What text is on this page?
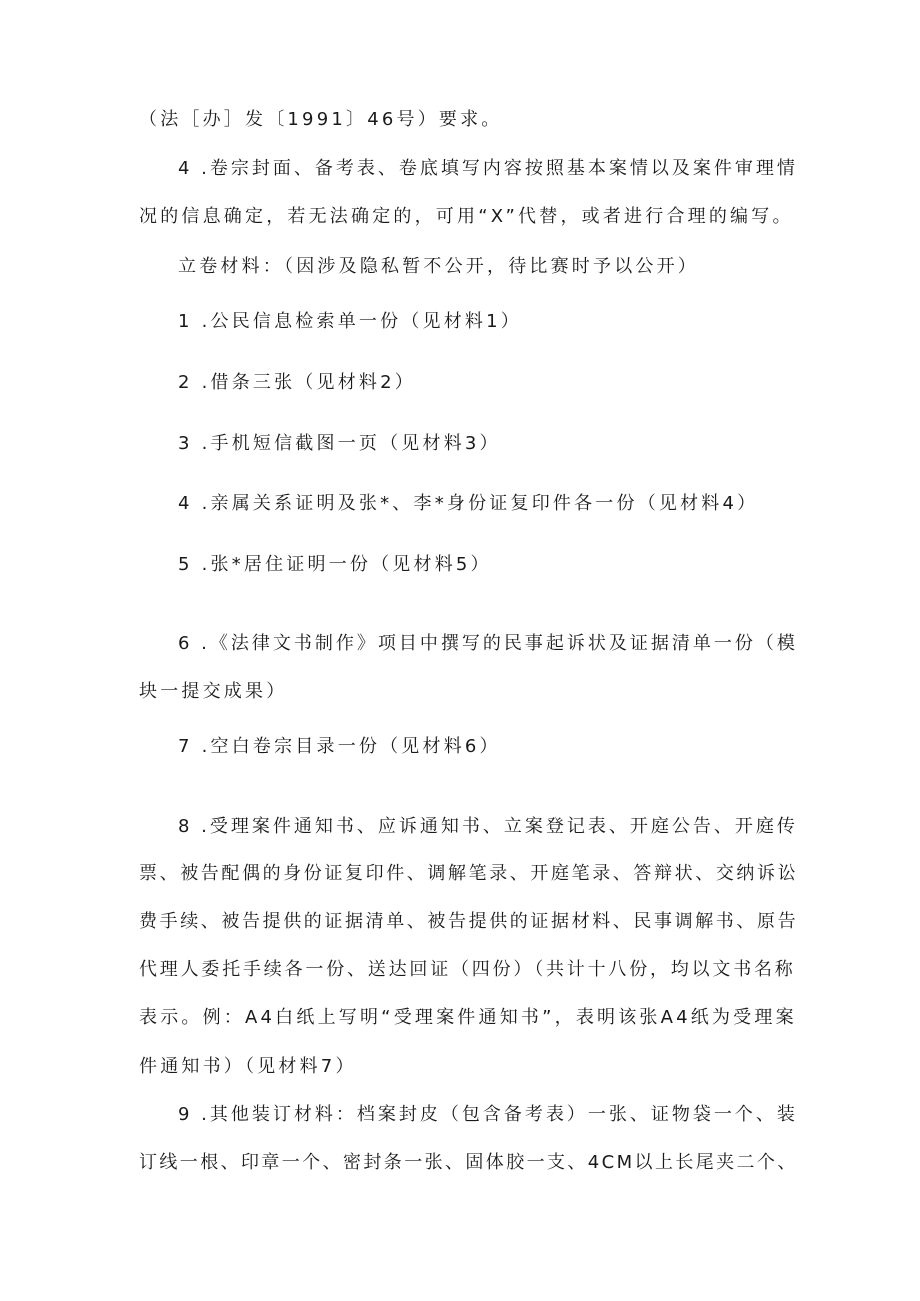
（法［办］发〔1991〕46号）要求。
4 .卷宗封面、备考表、卷底填写内容按照基本案情以及案件审理情
况的信息确定，若无法确定的，可用“X”代替，或者进行合理的编写。
立卷材料：（因涉及隐私暂不公开，待比赛时予以公开）
1 .公民信息检索单一份（见材料1）
2 .借条三张（见材料2）
3 .手机短信截图一页（见材料3）
4 .亲属关系证明及张*、李*身份证复印件各一份（见材料4）
5 .张*居住证明一份（见材料5）
6 .《法律文书制作》项目中撰写的民事起诉状及证据清单一份（模
块一提交成果）
7 .空白卷宗目录一份（见材料6）
8 .受理案件通知书、应诉通知书、立案登记表、开庭公告、开庭传
票、被告配偶的身份证复印件、调解笔录、开庭笔录、答辩状、交纳诉讼
费手续、被告提供的证据清单、被告提供的证据材料、民事调解书、原告
代理人委托手续各一份、送达回证（四份）（共计十八份，均以文书名称
表示。例：A4白纸上写明“受理案件通知书”，表明该张A4纸为受理案
件通知书）（见材料7）
9 .其他装订材料：档案封皮（包含备考表）一张、证物袋一个、装
订线一根、印章一个、密封条一张、固体胶一支、4CM以上长尾夹二个、
